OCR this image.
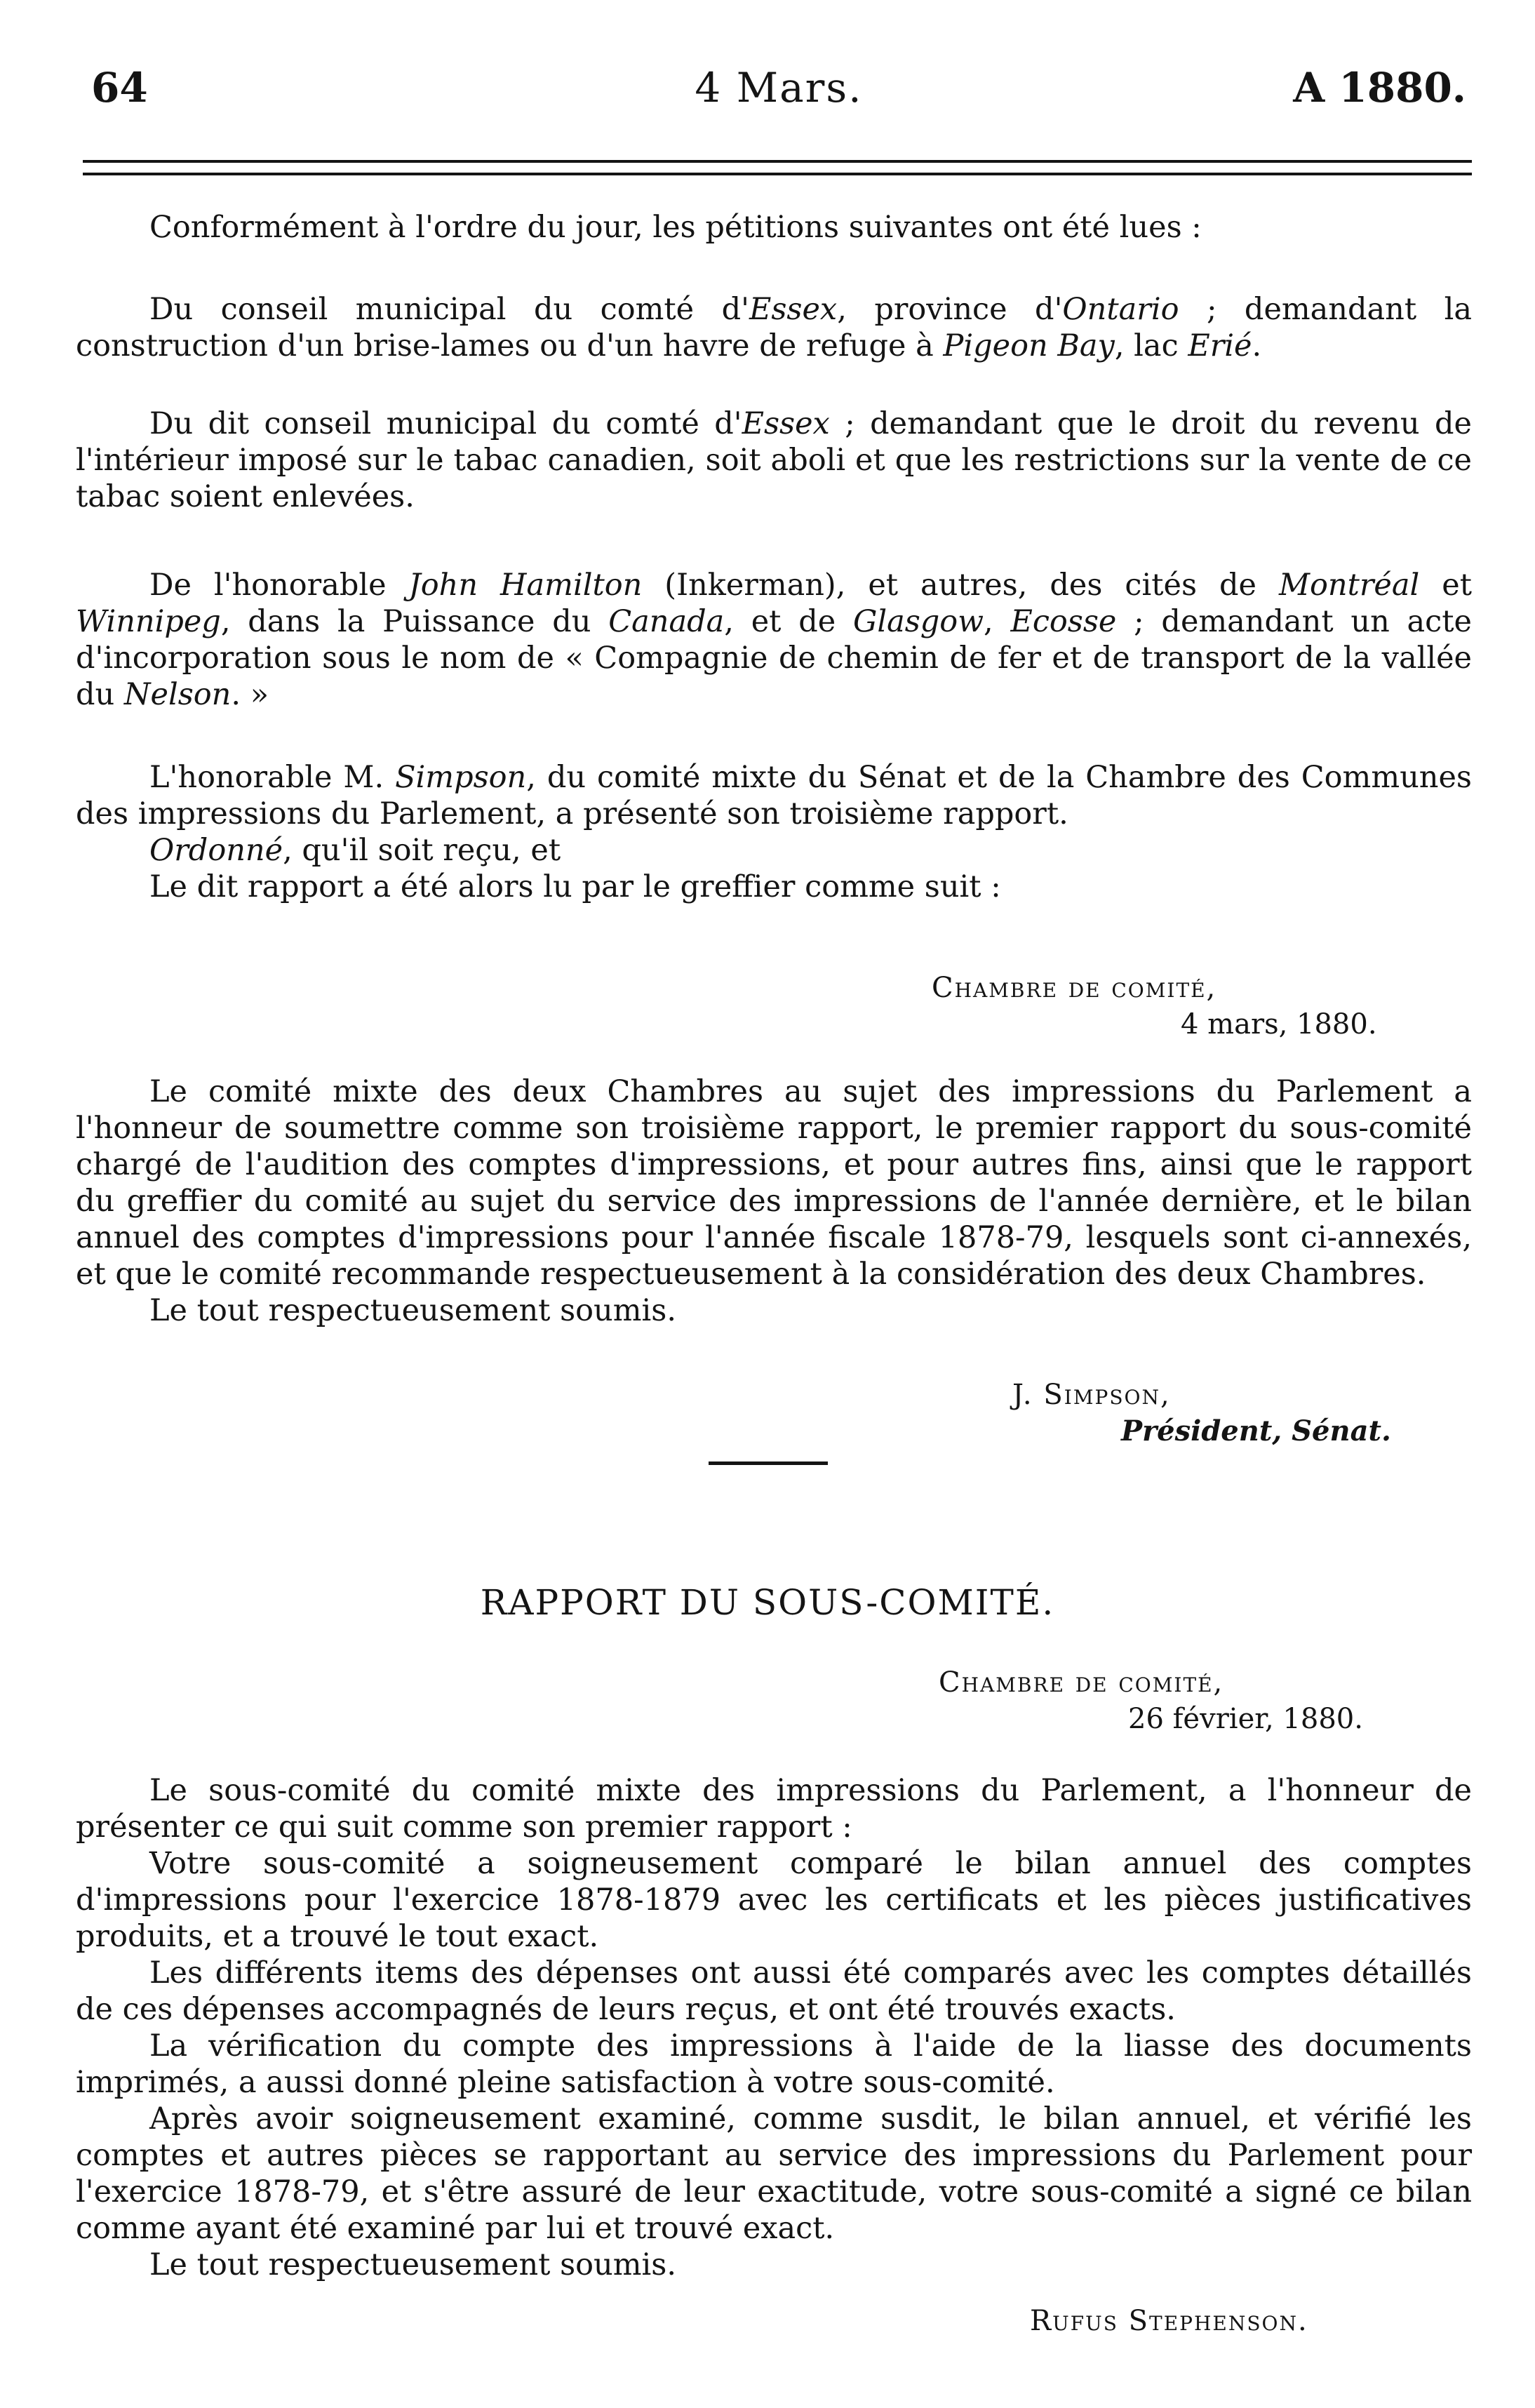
64	4 Mars.	A 1880.

Conformément à l'ordre du jour, les pétitions suivantes ont été lues :

Du conseil municipal du comté d'Essex, province d'Ontario ; demandant la construction d'un brise-lames ou d'un havre de refuge à Pigeon Bay, lac Erié.

Du dit conseil municipal du comté d'Essex ; demandant que le droit du revenu de l'intérieur imposé sur le tabac canadien, soit aboli et que les restrictions sur la vente de ce tabac soient enlevées.

De l'honorable John Hamilton (Inkerman), et autres, des cités de Montréal et Winnipeg, dans la Puissance du Canada, et de Glasgow, Ecosse ; demandant un acte d'incorporation sous le nom de « Compagnie de chemin de fer et de transport de la vallée du Nelson. »

L'honorable M. Simpson, du comité mixte du Sénat et de la Chambre des Communes des impressions du Parlement, a présenté son troisième rapport.

Ordonné, qu'il soit reçu, et

Le dit rapport a été alors lu par le greffier comme suit :

Chambre de comité,
4 mars, 1880.

Le comité mixte des deux Chambres au sujet des impressions du Parlement a l'honneur de soumettre comme son troisième rapport, le premier rapport du sous-comité chargé de l'audition des comptes d'impressions, et pour autres fins, ainsi que le rapport du greffier du comité au sujet du service des impressions de l'année dernière, et le bilan annuel des comptes d'impressions pour l'année fiscale 1878-79, lesquels sont ci-annexés, et que le comité recommande respectueusement à la considération des deux Chambres.

Le tout respectueusement soumis.

J. Simpson,
Président, Sénat.
RAPPORT DU SOUS-COMITÉ.
Chambre de comité,
26 février, 1880.

Le sous-comité du comité mixte des impressions du Parlement, a l'honneur de présenter ce qui suit comme son premier rapport :

Votre sous-comité a soigneusement comparé le bilan annuel des comptes d'impressions pour l'exercice 1878-1879 avec les certificats et les pièces justificatives produits, et a trouvé le tout exact.

Les différents items des dépenses ont aussi été comparés avec les comptes détaillés de ces dépenses accompagnés de leurs reçus, et ont été trouvés exacts.

La vérification du compte des impressions à l'aide de la liasse des documents imprimés, a aussi donné pleine satisfaction à votre sous-comité.

Après avoir soigneusement examiné, comme susdit, le bilan annuel, et vérifié les comptes et autres pièces se rapportant au service des impressions du Parlement pour l'exercice 1878-79, et s'être assuré de leur exactitude, votre sous-comité a signé ce bilan comme ayant été examiné par lui et trouvé exact.

Le tout respectueusement soumis.

Rufus Stephenson.
